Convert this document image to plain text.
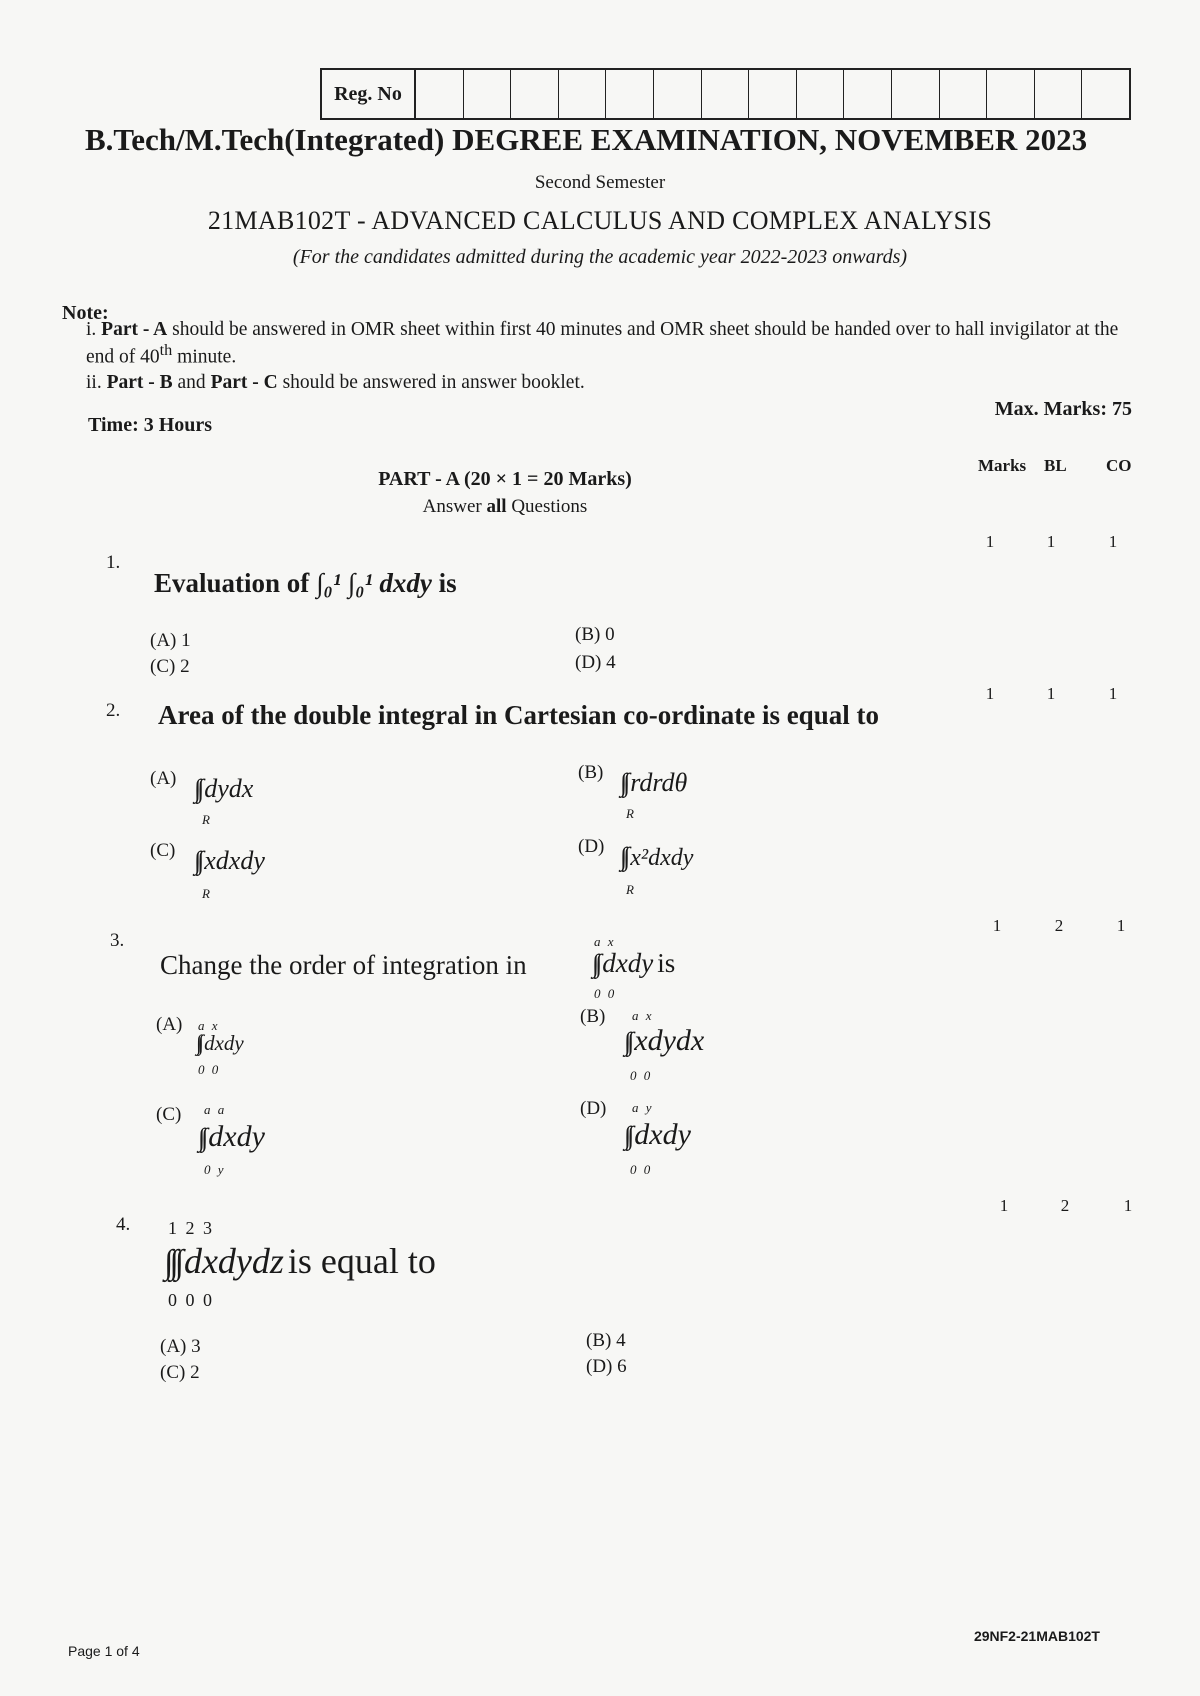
Reg. No
B.Tech/M.Tech(Integrated) DEGREE EXAMINATION, NOVEMBER 2023
Second Semester
21MAB102T - ADVANCED CALCULUS AND COMPLEX ANALYSIS
(For the candidates admitted during the academic year 2022-2023 onwards)
Note:
i. Part - A should be answered in OMR sheet within first 40 minutes and OMR sheet should be handed over to hall invigilator at the end of 40th minute.
ii. Part - B and Part - C should be answered in answer booklet.
Time: 3 Hours
Max. Marks: 75
PART - A (20 × 1 = 20 Marks)
Answer all Questions
Marks BL CO
1.
1	1	1
Evaluation of ∫₀¹ ∫₀¹ dxdy is
(A) 1	(B) 0
(C) 2	(D) 4
2.
1	1	1
Area of the double integral in Cartesian co-ordinate is equal to
(A) ∫∫ dydx
R
(B) ∫∫ rdrdθ
R
(C) ∫∫ xdxdy
R
(D) ∫∫ x²dxdy
R
3.
1	2	1
Change the order of integration in
a x
∫∫ dxdy is
0 0
(A) a x
∫∫ dxdy
0 0
(B) a x
∫∫ xdydx
0 0
(C) a a
∫∫ dxdy
0 y
(D) a y
∫∫ dxdy
0 0
4.
1	2	1
1 2 3
∫∫∫ dxdydz is equal to
0 0 0
(A) 3	(B) 4
(C) 2	(D) 6
Page 1 of 4
29NF2-21MAB102T
